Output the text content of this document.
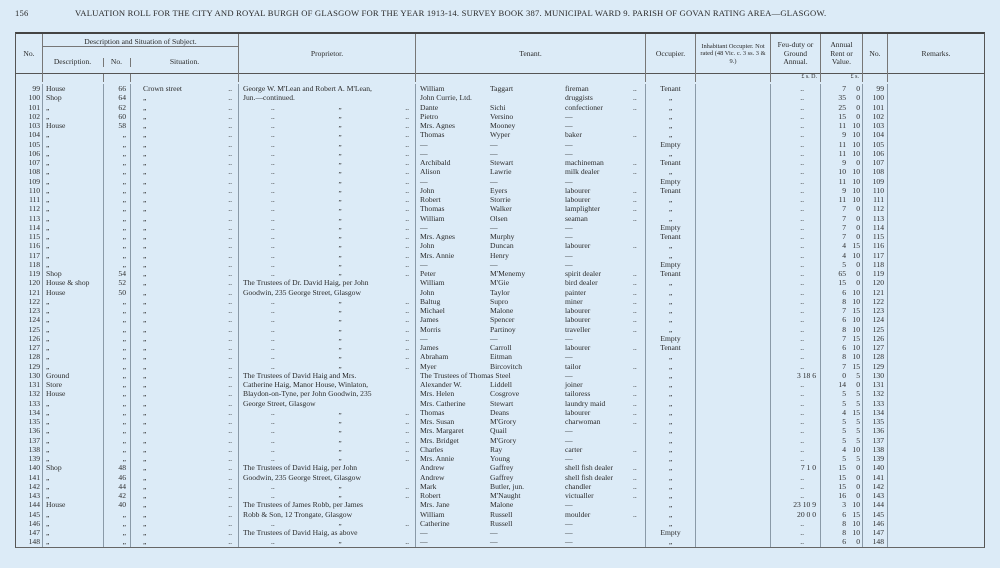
156	VALUATION ROLL FOR THE CITY AND ROYAL BURGH OF GLASGOW FOR THE YEAR 1913-14. SURVEY BOOK 387. MUNICIPAL WARD 9. PARISH OF GOVAN RATING AREA—GLASGOW.
No.
Description and Situation of Subject.
Description.	No.	Situation.
Proprietor.	Tenant.	Occupier.
Inhabitant Occupier. Not rated (48 Vic. c. 3 ss. 3 & 9.)
Feu-duty or Ground Annual.
Annual Rent or Value.
No.	Remarks.
£ s. D.	£ s.
99 House	66	Crown street ..	George W. M'Lean and Robert A. M'Lean,	William	Taggart	fireman	..	Tenant	..	7	0	99
100 Shop	64	„ ..	Jun.—continued.	John Currie, Ltd.	druggists	..	„	..	35	0	100
101 „	62	„ ..	..	„	.. Dante	Sichi	confectioner	..	„	..	25	0	101
102 „	60	„ ..	..	„	.. Pietro	Versino	—	„	..	15	0	102
103 House	58	„ ..	..	„	.. Mrs. Agnes	Mooney	—	„	..	11 10	103
104 „	„	„ ..	..	„	.. Thomas	Wyper	baker	..	„	..	9 10	104
105 „	„	„ ..	..	„	.. —	—	—	Empty	..	11 10	105
106 „	„	„ ..	..	„	.. —	—	—	„	..	11 10	106
107 „	„	„ ..	..	„	.. Archibald	Stewart	machineman	..	Tenant	..	9	0	107
108 „	„	„ ..	..	„	.. Alison	Lawrie	milk dealer	..	„	..	10 10	108
109 „	„	„ ..	..	„	.. —	—	—	Empty	..	11 10	109
110 „	„	„ ..	..	„	.. John	Eyers	labourer	..	Tenant	..	9 10	110
111 „	„	„ ..	..	„	.. Robert	Storrie	labourer	..	„	..	11 10	111
112 „	„	„ ..	..	„	.. Thomas	Walker	lamplighter	..	„	..	7	0	112
113 „	„	„ ..	..	„	.. William	Olsen	seaman	..	„	..	7	0	113
114 „	„	„ ..	..	„	.. —	—	—	Empty	..	7	0	114
115 „	„	„ ..	..	„	.. Mrs. Agnes	Murphy	—	Tenant	..	7	0	115
116 „	„	„ ..	..	„	.. John	Duncan	labourer	..	„	..	4 15	116
117 „	„	„ ..	..	„	.. Mrs. Annie	Henry	—	„	..	4 10	117
118 „	„	„ ..	..	„	.. —	—	—	Empty	..	5	0	118
119 Shop	54	„ ..	..	„	.. Peter	M'Menemy	spirit dealer	..	Tenant	..	65	0	119
120 House & shop	52	„ ..	The Trustees of Dr. David Haig, per John	William	M'Gie	bird dealer	..	„	..	15	0	120
121 House	50	„ ..	Goodwin, 235 George Street, Glasgow	John	Taylor	painter	..	„	..	6 10	121
122 „	„	„ ..	..	„	.. Baltug	Supro	miner	..	„	..	8 10	122
123 „	„	„ ..	..	„	.. Michael	Malone	labourer	..	„	..	7 15	123
124 „	„	„ ..	..	„	.. James	Spencer	labourer	..	„	..	6 10	124
125 „	„	„ ..	..	„	.. Morris	Partinoy	traveller	..	„	..	8 10	125
126 „	„	„ ..	..	„	.. —	—	—	Empty	..	7 15	126
127 „	„	„ ..	..	„	.. James	Carroll	labourer	..	Tenant	..	6 10	127
128 „	„	„ ..	..	„	.. Abraham	Eitman	—	„	..	8 10	128
129 „	„	„ ..	..	„	.. Myer	Bircovitch	tailor	..	„	..	7 15	129
130 Ground	„	„ ..	The Trustees of David Haig and Mrs.	The Trustees of Thomas Steel	—	„	3 18 6	0	5	130
131 Store	„	„ ..	Catherine Haig, Manor House, Winlaton,	Alexander W.	Liddell	joiner	..	„	..	14	0	131
132 House	„	„ ..	Blaydon-on-Tyne, per John Goodwin, 235	Mrs. Helen	Cosgrove	tailoress	..	„	..	5	5	132
133 „	„	„ ..	George Street, Glasgow	Mrs. Catherine	Stewart	laundry maid	..	„	..	5	5	133
134 „	„	„ ..	..	„	.. Thomas	Deans	labourer	..	„	..	4 15	134
135 „	„	„ ..	..	„	.. Mrs. Susan	M'Grory	charwoman	..	„	..	5	5	135
136 „	„	„ ..	..	„	.. Mrs. Margaret	Quail	—	„	..	5	5	136
137 „	„	„ ..	..	„	.. Mrs. Bridget	M'Grory	—	„	..	5	5	137
138 „	„	„ ..	..	„	.. Charles	Ray	carter	..	„	..	4 10	138
139 „	„	„ ..	..	„	.. Mrs. Annie	Young	—	„	..	5	5	139
140 Shop	48	„ ..	The Trustees of David Haig, per John	Andrew	Gaffrey	shell fish dealer	..	„	7 1 0	15	0	140
141 „	46	„ ..	Goodwin, 235 George Street, Glasgow	Andrew	Gaffrey	shell fish dealer	..	„	..	15	0	141
142 „	44	„ ..	..	„	.. Mark	Butler, jun.	chandler	..	„	..	15	0	142
143 „	42	„ ..	..	„	.. Robert	M'Naught	victualler	..	„	..	16	0	143
144 House	40	„ ..	The Trustees of James Robb, per James	Mrs. Jane	Malone	—	„	23 10 9	3 10	144
145 „	„	„ ..	Robb & Son, 12 Trongate, Glasgow	William	Russell	moulder	..	„	20 0 0	6 15	145
146 „	„	„ ..	..	„	.. Catherine	Russell	—	„	..	8 10	146
147 „	„	„ ..	The Trustees of David Haig, as above	—	—	—	Empty	..	8 10	147
148 „	„	„ ..	..	„	.. —	—	—	„	..	6	0	148
